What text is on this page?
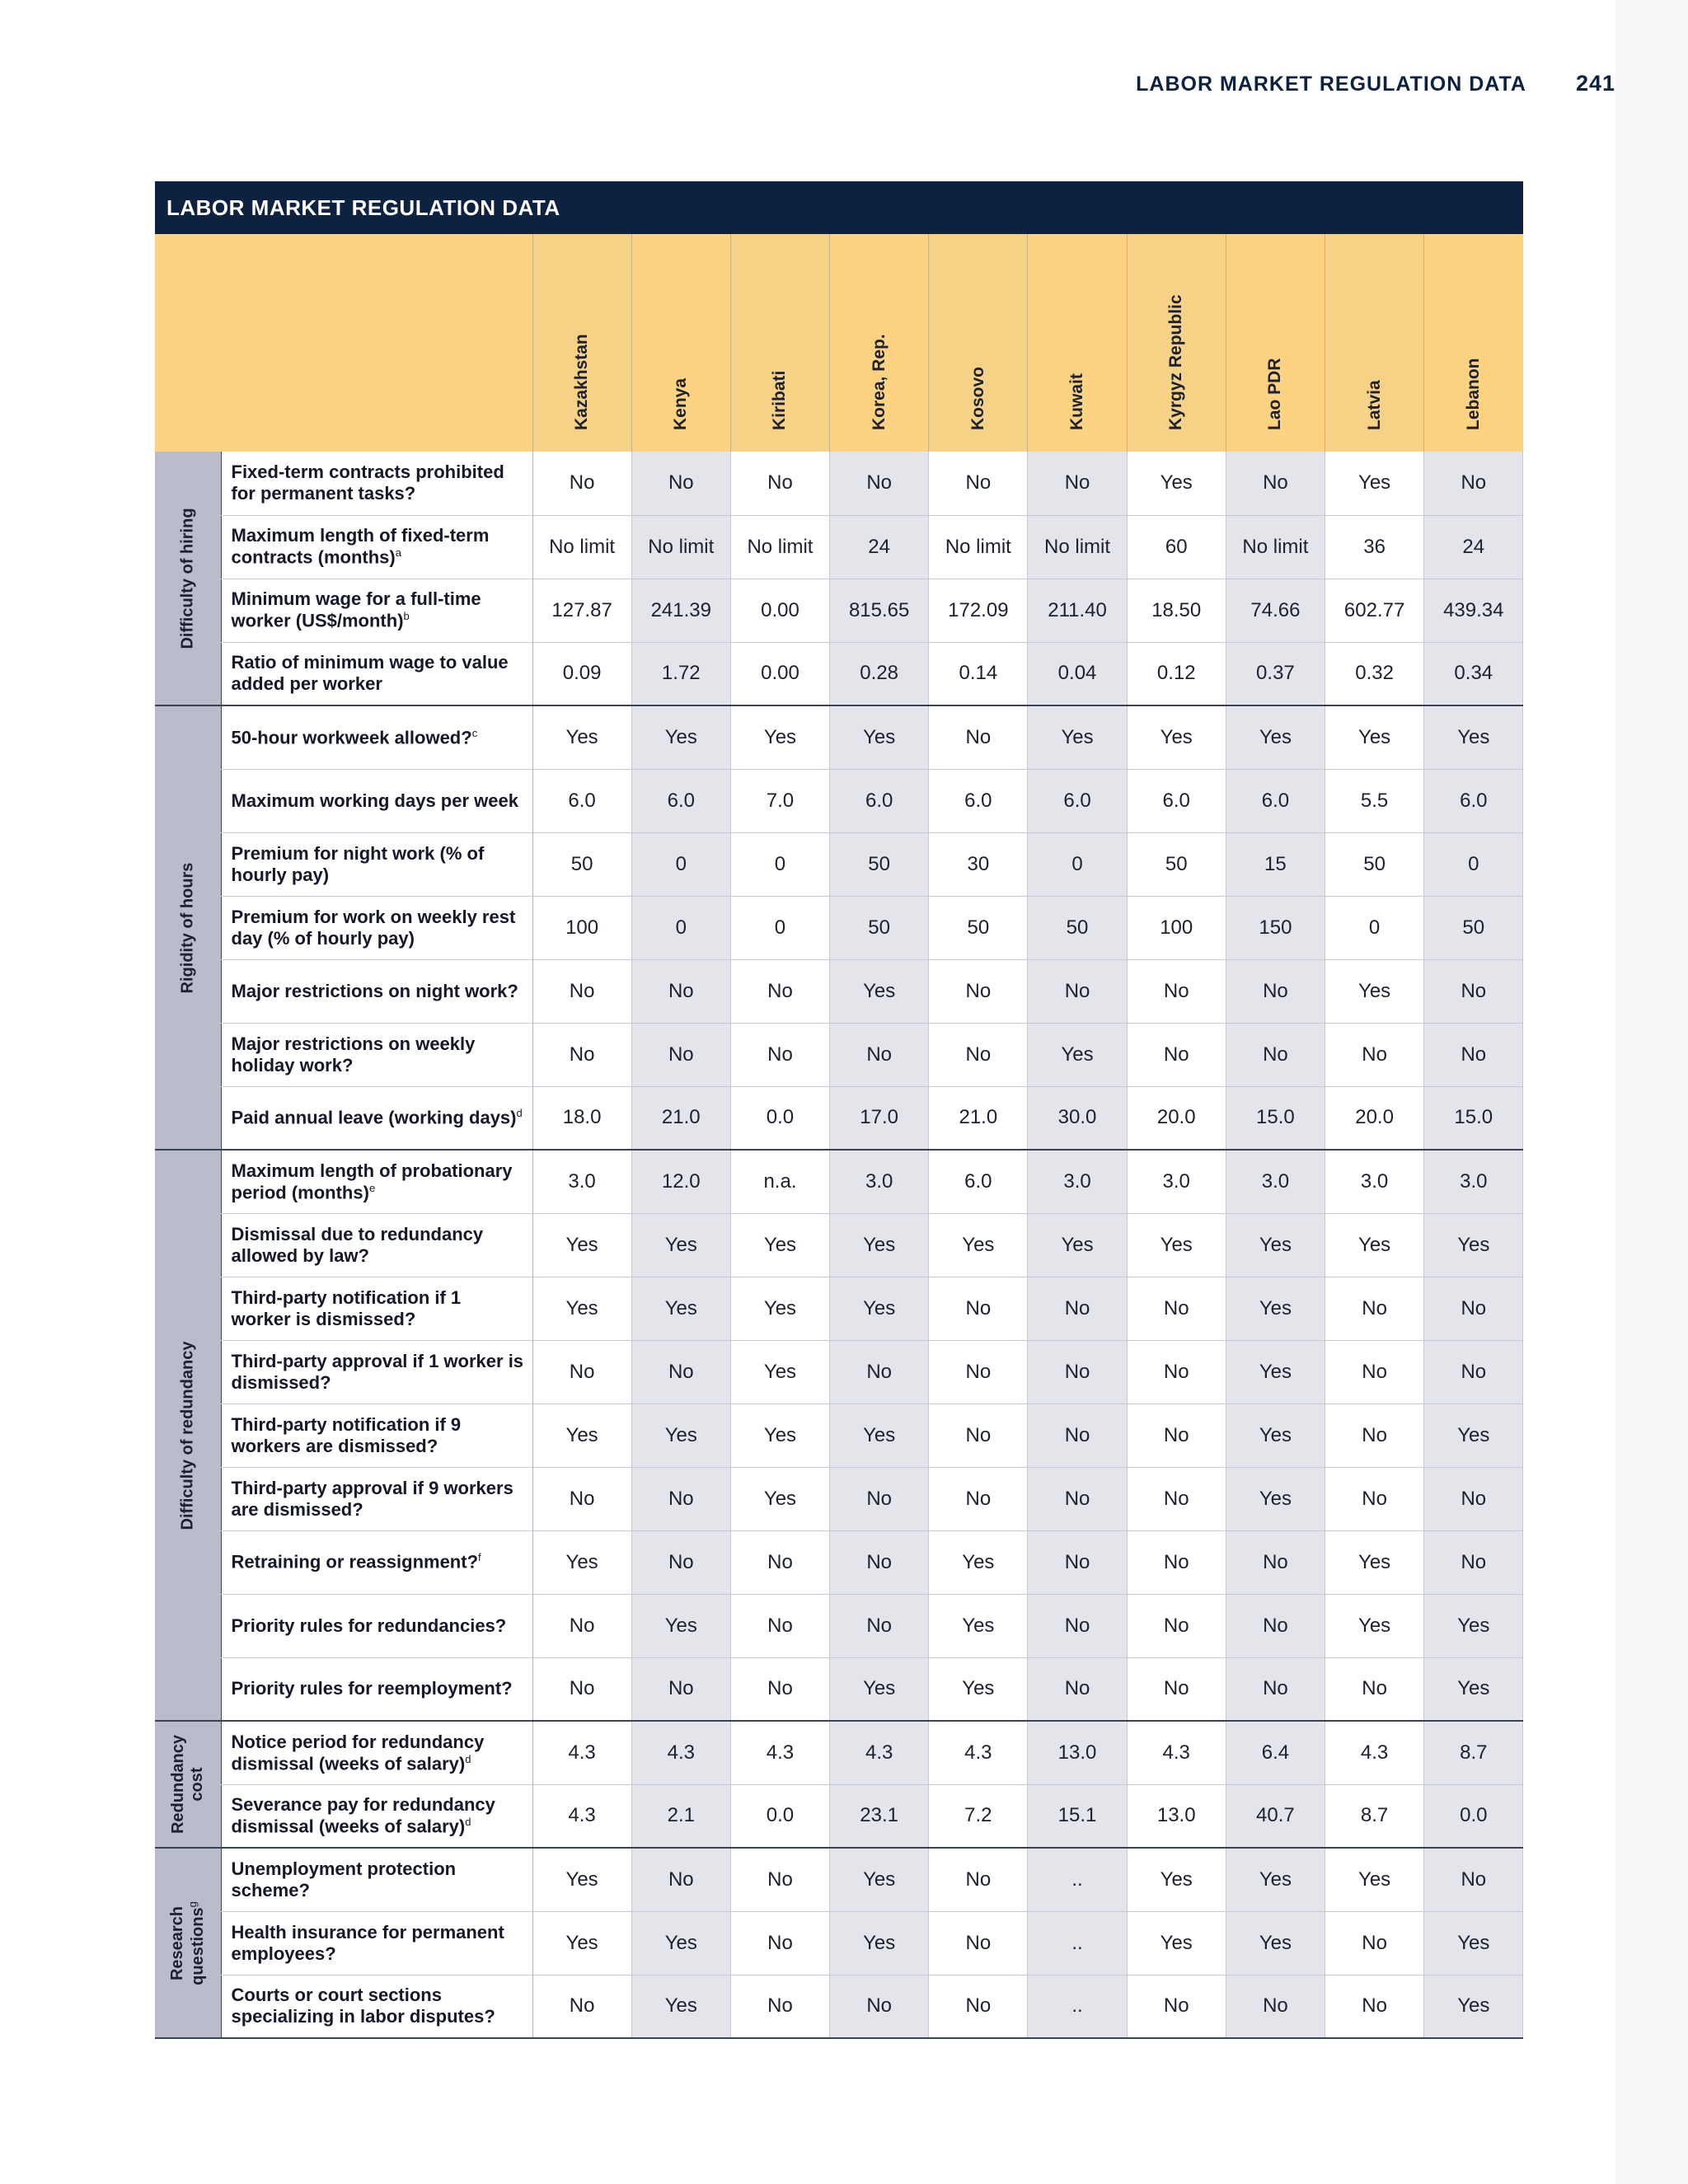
LABOR MARKET REGULATION DATA 241
LABOR MARKET REGULATION DATA

		Kazakhstan	Kenya	Kiribati	Korea, Rep.	Kosovo	Kuwait	Kyrgyz Republic	Lao PDR	Latvia	Lebanon

Difficulty of hiring	Fixed-term contracts prohibited for permanent tasks?	No	No	No	No	No	No	Yes	No	Yes	No
	Maximum length of fixed-term contracts (months)$^a$	No limit	No limit	No limit	24	No limit	No limit	60	No limit	36	24
	Minimum wage for a full-time worker (US$/month)$^b$	127.87	241.39	0.00	815.65	172.09	211.40	18.50	74.66	602.77	439.34
	Ratio of minimum wage to value added per worker	0.09	1.72	0.00	0.28	0.14	0.04	0.12	0.37	0.32	0.34

Rigidity of hours	50-hour workweek allowed?$^c$	Yes	Yes	Yes	Yes	No	Yes	Yes	Yes	Yes	Yes
	Maximum working days per week	6.0	6.0	7.0	6.0	6.0	6.0	6.0	6.0	5.5	6.0
	Premium for night work (% of hourly pay)	50	0	0	50	30	0	50	15	50	0
	Premium for work on weekly rest day (% of hourly pay)	100	0	0	50	50	50	100	150	0	50
	Major restrictions on night work?	No	No	No	Yes	No	No	No	No	Yes	No
	Major restrictions on weekly holiday work?	No	No	No	No	No	Yes	No	No	No	No
	Paid annual leave (working days)$^d$	18.0	21.0	0.0	17.0	21.0	30.0	20.0	15.0	20.0	15.0

Difficulty of redundancy	Maximum length of probationary period (months)$^e$	3.0	12.0	n.a.	3.0	6.0	3.0	3.0	3.0	3.0	3.0
	Dismissal due to redundancy allowed by law?	Yes	Yes	Yes	Yes	Yes	Yes	Yes	Yes	Yes	Yes
	Third-party notification if 1 worker is dismissed?	Yes	Yes	Yes	Yes	No	No	No	Yes	No	No
	Third-party approval if 1 worker is dismissed?	No	No	Yes	No	No	No	No	Yes	No	No
	Third-party notification if 9 workers are dismissed?	Yes	Yes	Yes	Yes	No	No	No	Yes	No	Yes
	Third-party approval if 9 workers are dismissed?	No	No	Yes	No	No	No	No	Yes	No	No
	Retraining or reassignment?$^f$	Yes	No	No	No	Yes	No	No	No	Yes	No
	Priority rules for redundancies?	No	Yes	No	No	Yes	No	No	No	Yes	Yes
	Priority rules for reemployment?	No	No	No	Yes	Yes	No	No	No	No	Yes

Redundancy
cost	Notice period for redundancy dismissal (weeks of salary)$^d$	4.3	4.3	4.3	4.3	4.3	13.0	4.3	6.4	4.3	8.7
	Severance pay for redundancy dismissal (weeks of salary)$^d$	4.3	2.1	0.0	23.1	7.2	15.1	13.0	40.7	8.7	0.0

Research questions$^g$	Unemployment protection scheme?	Yes	No	No	Yes	No	..	Yes	Yes	Yes	No
	Health insurance for permanent employees?	Yes	Yes	No	Yes	No	..	Yes	Yes	No	Yes
	Courts or court sections specializing in labor disputes?	No	Yes	No	No	No	..	No	No	No	Yes
